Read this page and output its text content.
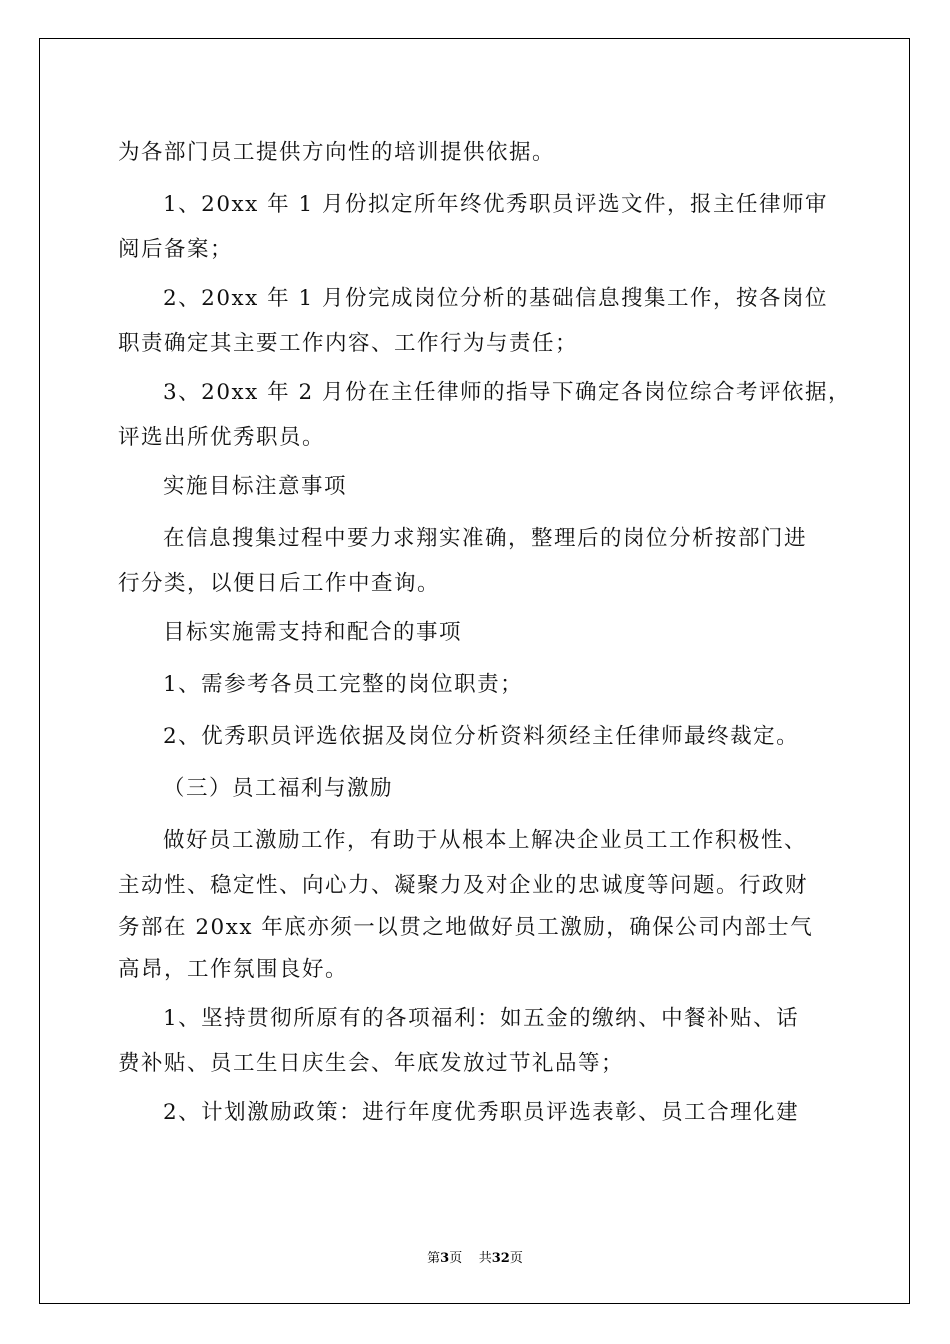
为各部门员工提供方向性的培训提供依据。
1、20xx 年 1 月份拟定所年终优秀职员评选文件，报主任律师审
阅后备案；
2、20xx 年 1 月份完成岗位分析的基础信息搜集工作，按各岗位
职责确定其主要工作内容、工作行为与责任；
3、20xx 年 2 月份在主任律师的指导下确定各岗位综合考评依据，
评选出所优秀职员。
实施目标注意事项
在信息搜集过程中要力求翔实准确，整理后的岗位分析按部门进
行分类，以便日后工作中查询。
目标实施需支持和配合的事项
1、需参考各员工完整的岗位职责；
2、优秀职员评选依据及岗位分析资料须经主任律师最终裁定。
（三）员工福利与激励
做好员工激励工作，有助于从根本上解决企业员工工作积极性、
主动性、稳定性、向心力、凝聚力及对企业的忠诚度等问题。行政财
务部在 20xx 年底亦须一以贯之地做好员工激励，确保公司内部士气
高昂，工作氛围良好。
1、坚持贯彻所原有的各项福利：如五金的缴纳、中餐补贴、话
费补贴、员工生日庆生会、年底发放过节礼品等；
2、计划激励政策：进行年度优秀职员评选表彰、员工合理化建
第3页 共32页
